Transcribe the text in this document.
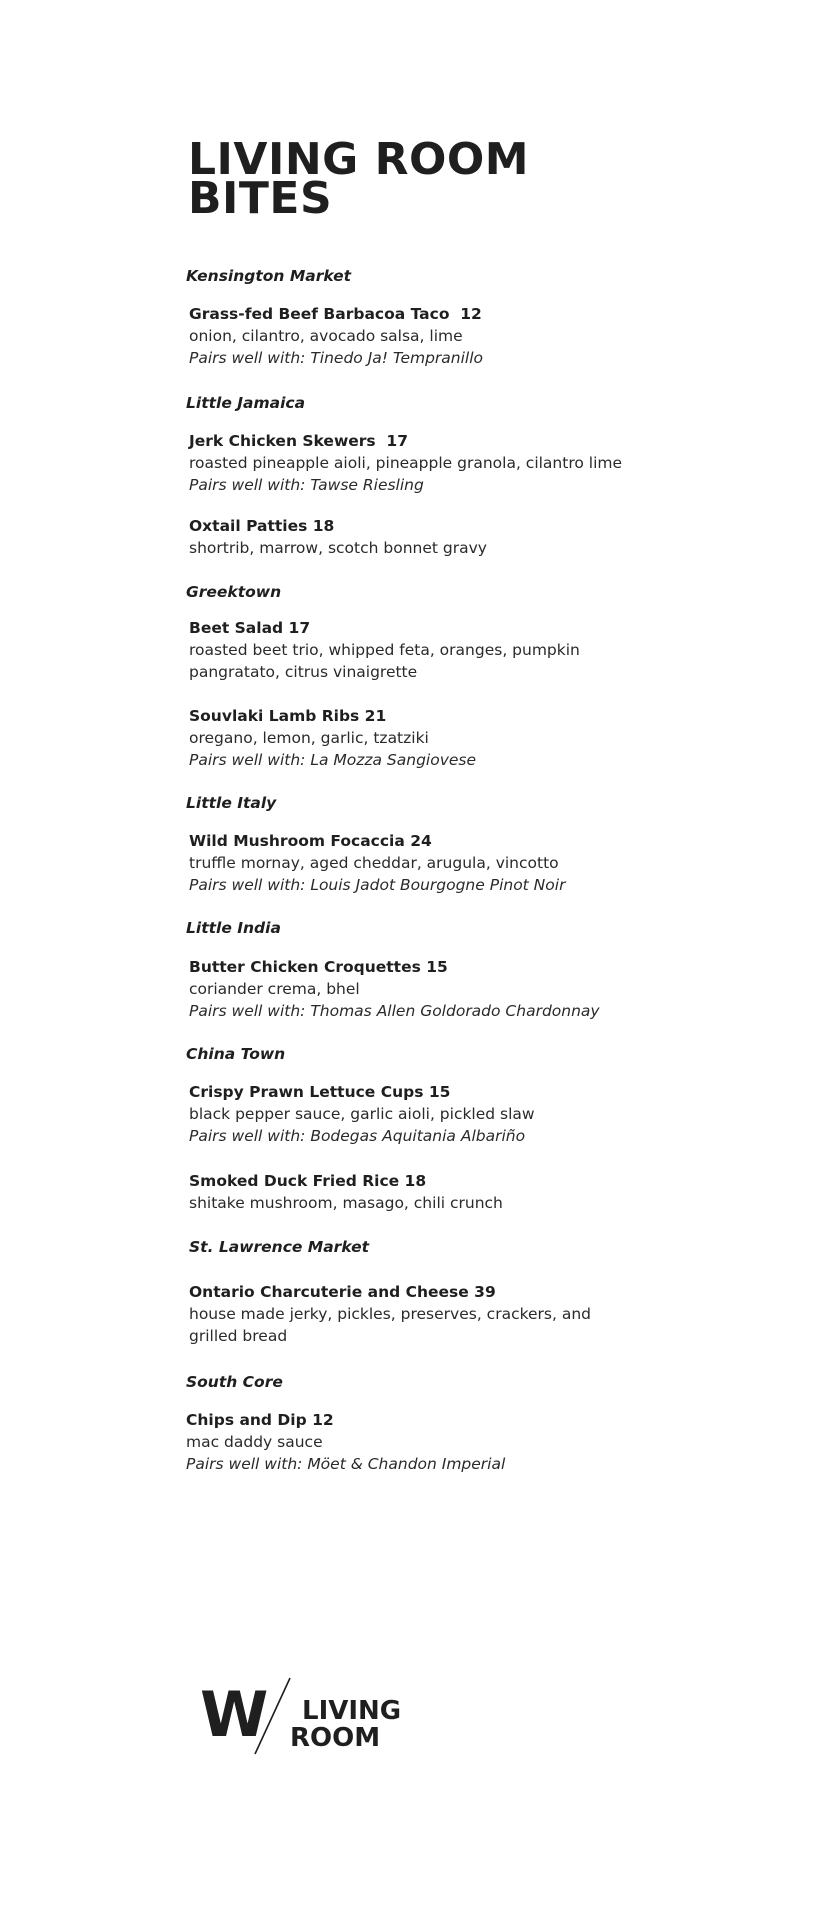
LIVING ROOM
BITES

Kensington Market

Grass-fed Beef Barbacoa Taco  12
onion, cilantro, avocado salsa, lime
Pairs well with: Tinedo Ja! Tempranillo

Little Jamaica

Jerk Chicken Skewers  17
roasted pineapple aioli, pineapple granola, cilantro lime
Pairs well with: Tawse Riesling
Oxtail Patties 18
shortrib, marrow, scotch bonnet gravy

Greektown

Beet Salad 17
roasted beet trio, whipped feta, oranges, pumpkin pangratato, citrus vinaigrette
Souvlaki Lamb Ribs 21
oregano, lemon, garlic, tzatziki
Pairs well with: La Mozza Sangiovese

Little Italy

Wild Mushroom Focaccia 24
truffle mornay, aged cheddar, arugula, vincotto
Pairs well with: Louis Jadot Bourgogne Pinot Noir

Little India

Butter Chicken Croquettes 15
coriander crema, bhel
Pairs well with: Thomas Allen Goldorado Chardonnay

China Town

Crispy Prawn Lettuce Cups 15
black pepper sauce, garlic aioli, pickled slaw
Pairs well with: Bodegas Aquitania Albariño
Smoked Duck Fried Rice 18
shitake mushroom, masago, chili crunch

St. Lawrence Market

Ontario Charcuterie and Cheese 39
house made jerky, pickles, preserves, crackers, and grilled bread

South Core

Chips and Dip 12
mac daddy sauce
Pairs well with: Möet & Chandon Imperial
W LIVING
ROOM
